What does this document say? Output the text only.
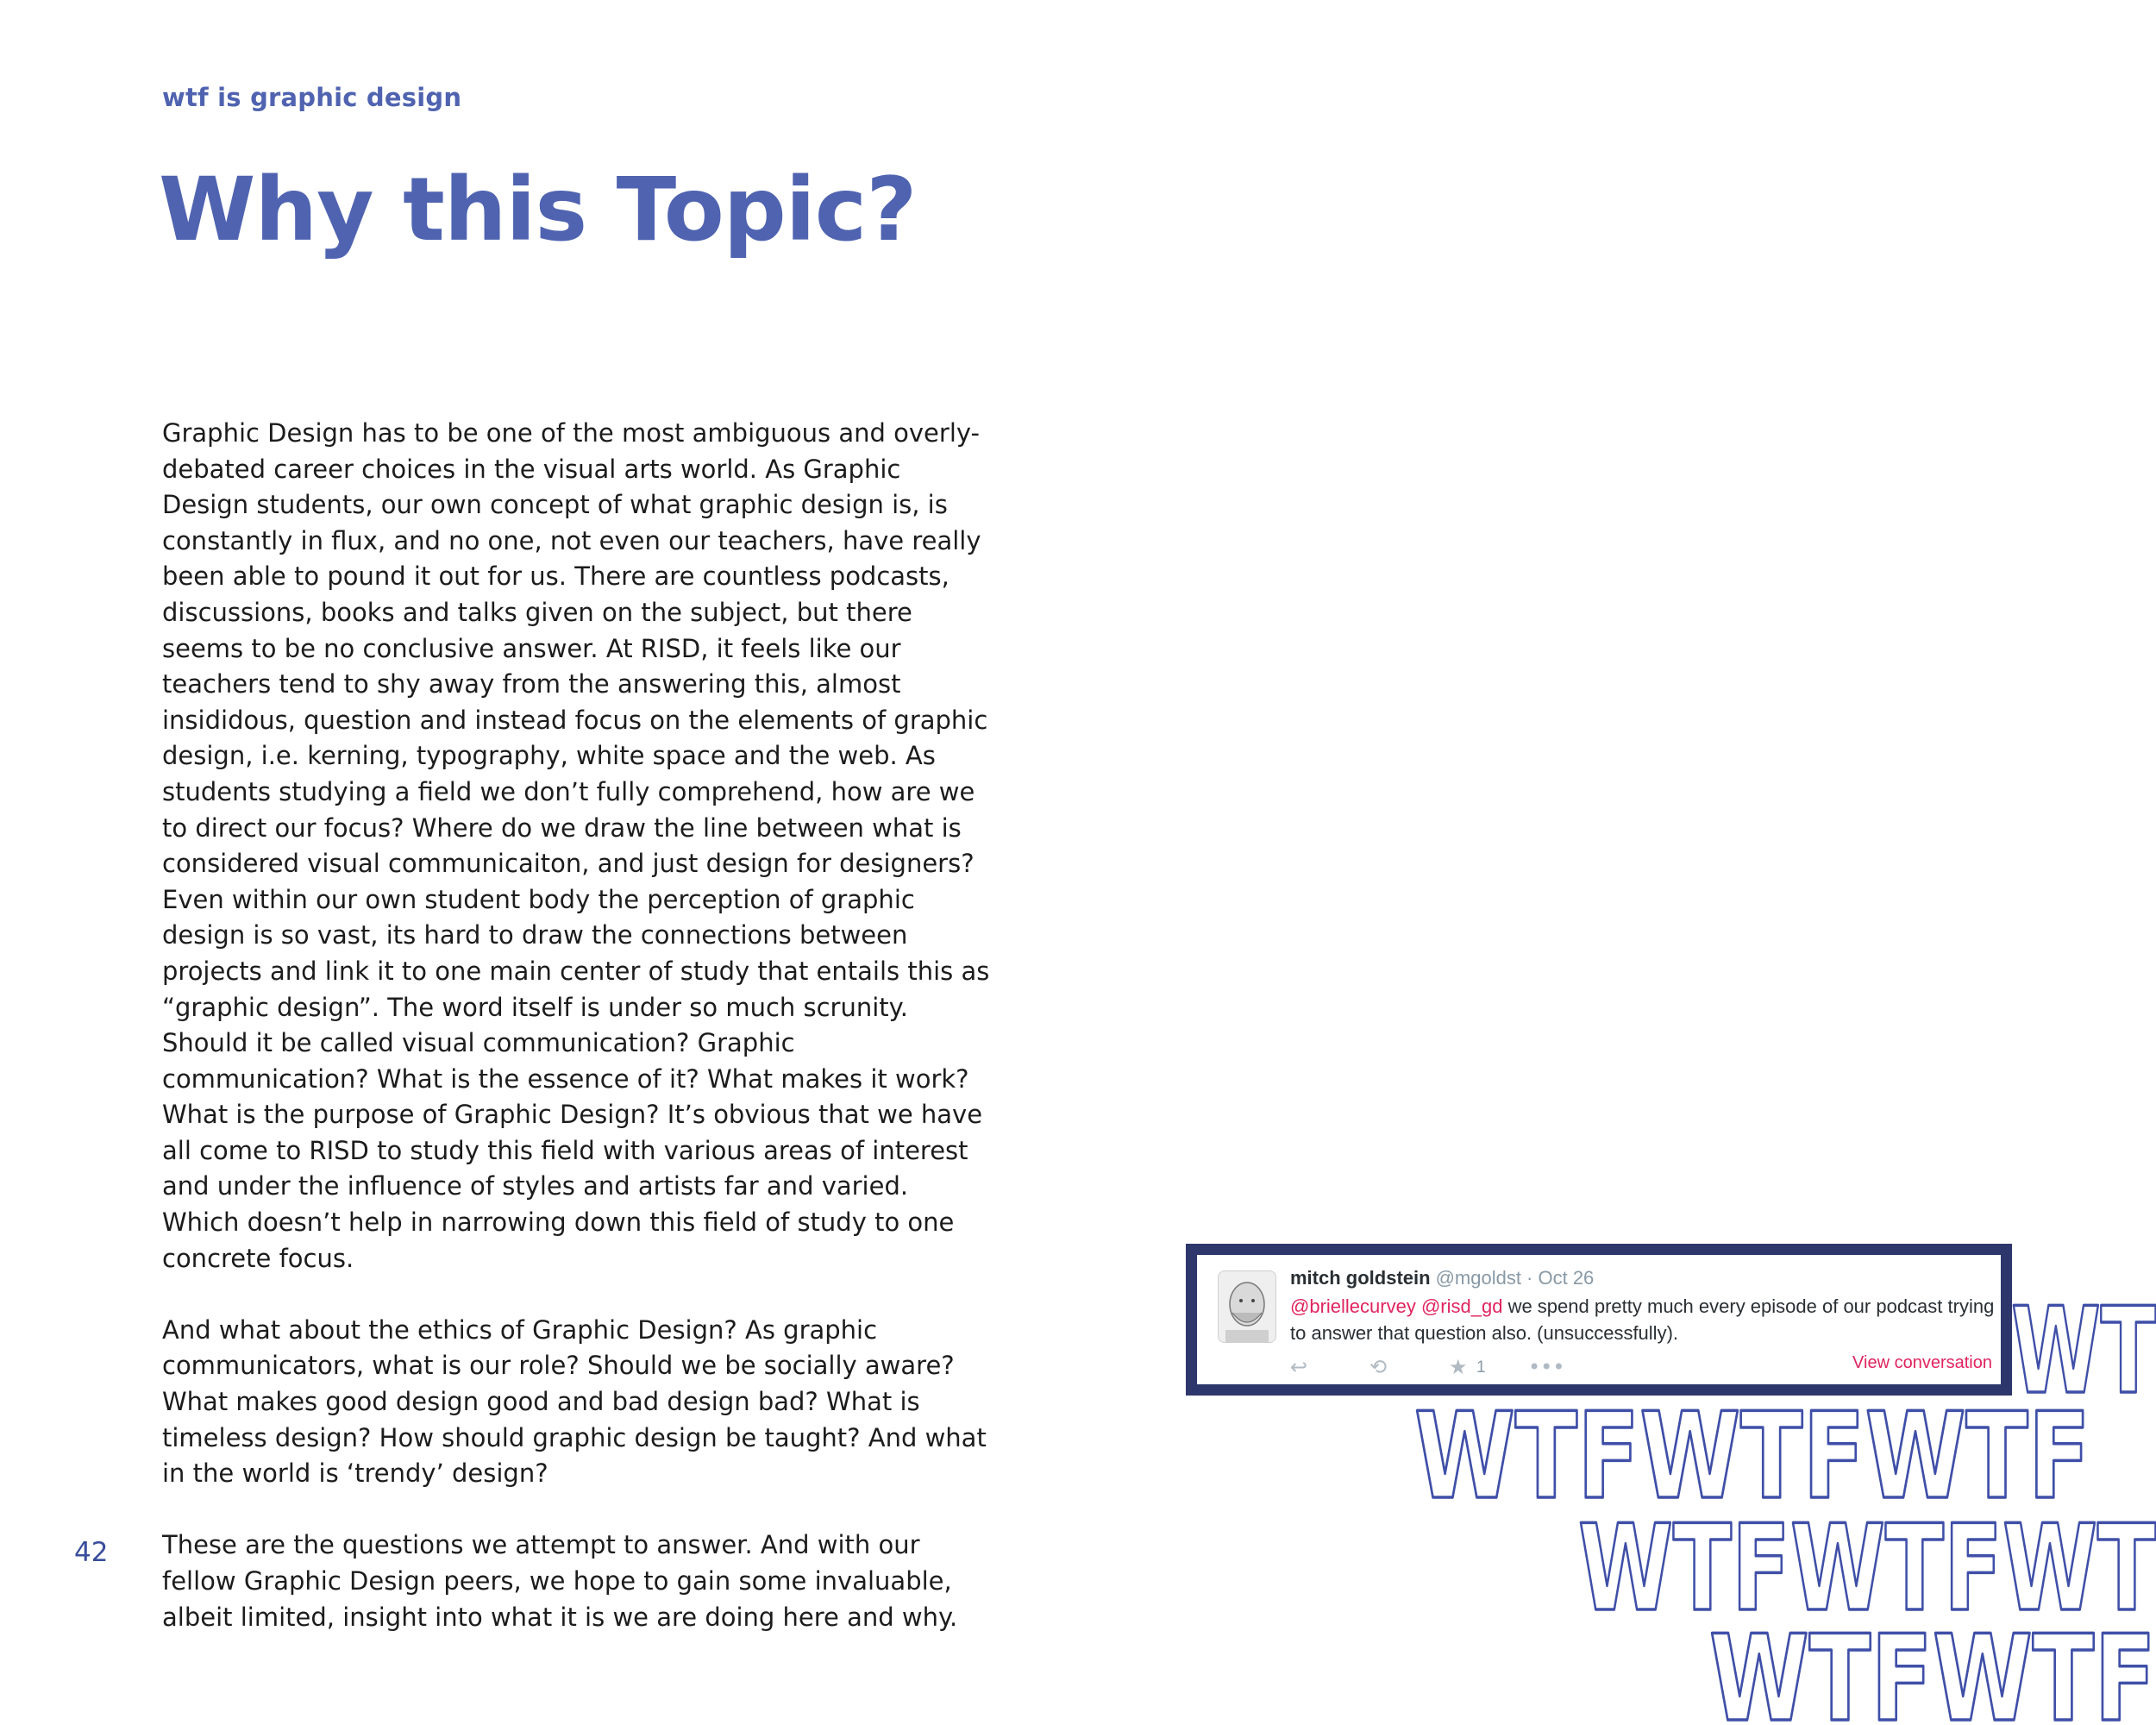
wtf is graphic design
Why this Topic?

Graphic Design has to be one of the most ambiguous and overly-debated career choices in the visual arts world. As Graphic Design students, our own concept of what graphic design is, is constantly in flux, and no one, not even our teachers, have really been able to pound it out for us. There are countless podcasts, discussions, books and talks given on the subject, but there seems to be no conclusive answer. At RISD, it feels like our teachers tend to shy away from the answering this, almost insididous, question and instead focus on the elements of graphic design, i.e. kerning, typography, white space and the web. As students studying a field we don’t fully comprehend, how are we to direct our focus? Where do we draw the line between what is considered visual communicaiton, and just design for designers? Even within our own student body the perception of graphic design is so vast, its hard to draw the connections between projects and link it to one main center of study that entails this as “graphic design”. The word itself is under so much scrunity. Should it be called visual communication? Graphic communication? What is the essence of it? What makes it work? What is the purpose of Graphic Design? It’s obvious that we have all come to RISD to study this field with various areas of interest and under the influence of styles and artists far and varied. Which doesn’t help in narrowing down this field of study to one concrete focus.

And what about the ethics of Graphic Design? As graphic communicators, what is our role? Should we be socially aware? What makes good design good and bad design bad? What is timeless design? How should graphic design be taught? And what in the world is ‘trendy’ design?

These are the questions we attempt to answer. And with our fellow Graphic Design peers, we hope to gain some invaluable, albeit limited, insight into what it is we are doing here and why.

42
mitch goldstein @mgoldst · Oct 26
@briellecurvey @risd_gd we spend pretty much every episode of our podcast trying to answer that question also. (unsuccessfully).
↩	⟲	★ 1 •••	View conversation WT
WTFWTFWTF
WTFWTFWT
WTFWTF
